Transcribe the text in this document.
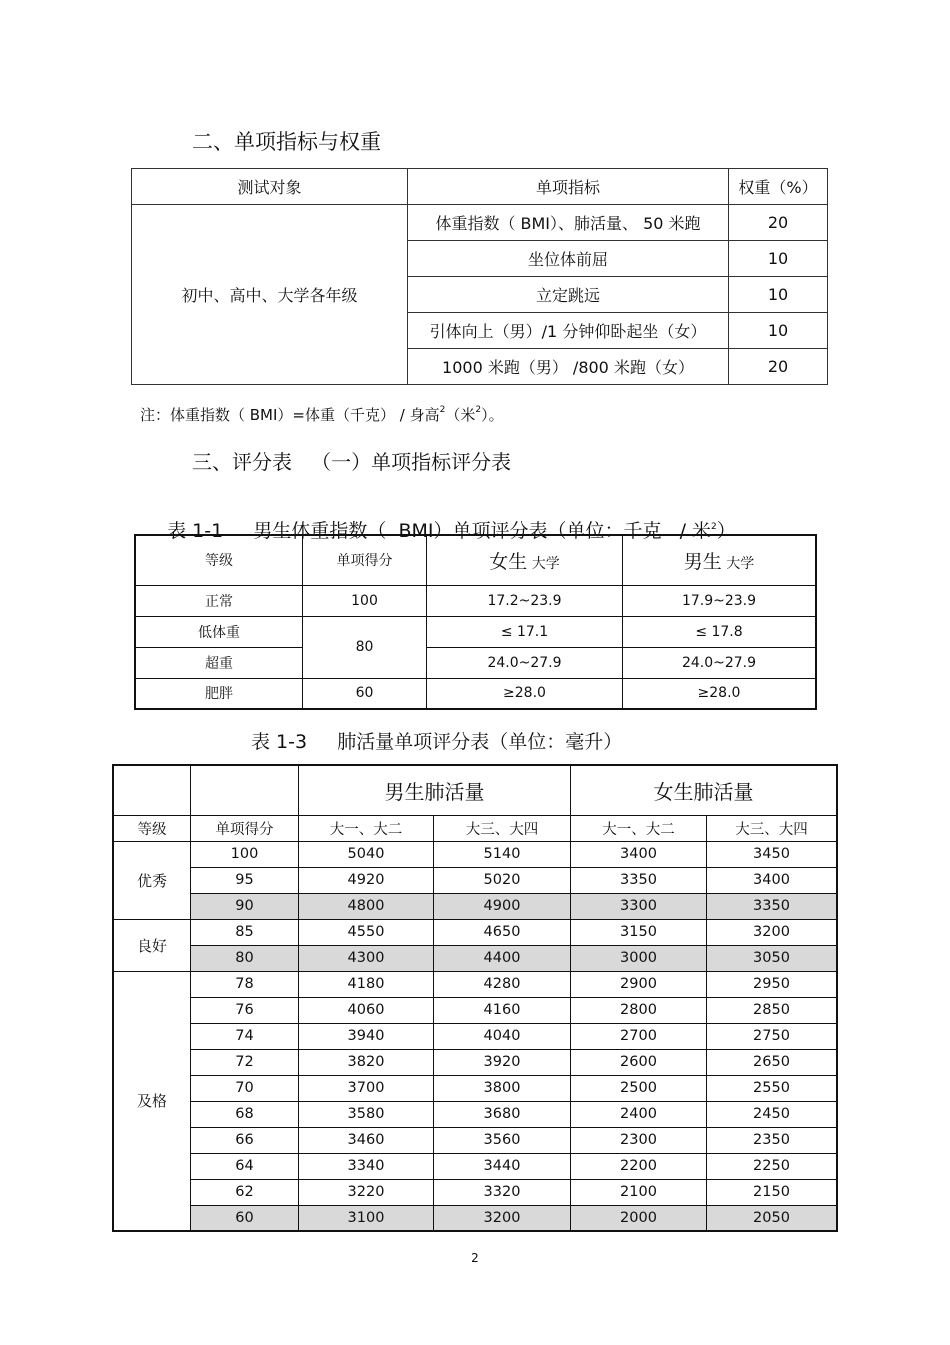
二、单项指标与权重
测试对象	单项指标	权重（%）
初中、高中、大学各年级	体重指数（ BMI）、肺活量、 50 米跑	20
	坐位体前屈	10
	立定跳远	10
	引体向上（男）/1 分钟仰卧起坐（女）	10
	1000 米跑（男） /800 米跑（女）	20
注：体重指数（ BMI）=体重（千克） / 身高$^2$（米$^2$）。
三、评分表   （一）单项指标评分表

表 1-1     男生体重指数（  BMI）单项评分表（单位：千克   / 米$^2$）

等级	单项得分	女生 大学	男生 大学
正常	100	17.2~23.9	17.9~23.9
低体重	80	≤ 17.1	≤ 17.8
超重		24.0~27.9	24.0~27.9
肥胖	60	≥28.0	≥28.0
表 1-3     肺活量单项评分表（单位：毫升）
		男生肺活量		女生肺活量	
等级	单项得分	大一、大二	大三、大四	大一、大二	大三、大四
优秀	100	5040	5140	3400	3450
	95	4920	5020	3350	3400
	90	4800	4900	3300	3350
良好	85	4550	4650	3150	3200
	80	4300	4400	3000	3050
及格	78	4180	4280	2900	2950
	76	4060	4160	2800	2850
	74	3940	4040	2700	2750
	72	3820	3920	2600	2650
	70	3700	3800	2500	2550
	68	3580	3680	2400	2450
	66	3460	3560	2300	2350
	64	3340	3440	2200	2250
	62	3220	3320	2100	2150
	60	3100	3200	2000	2050
2
